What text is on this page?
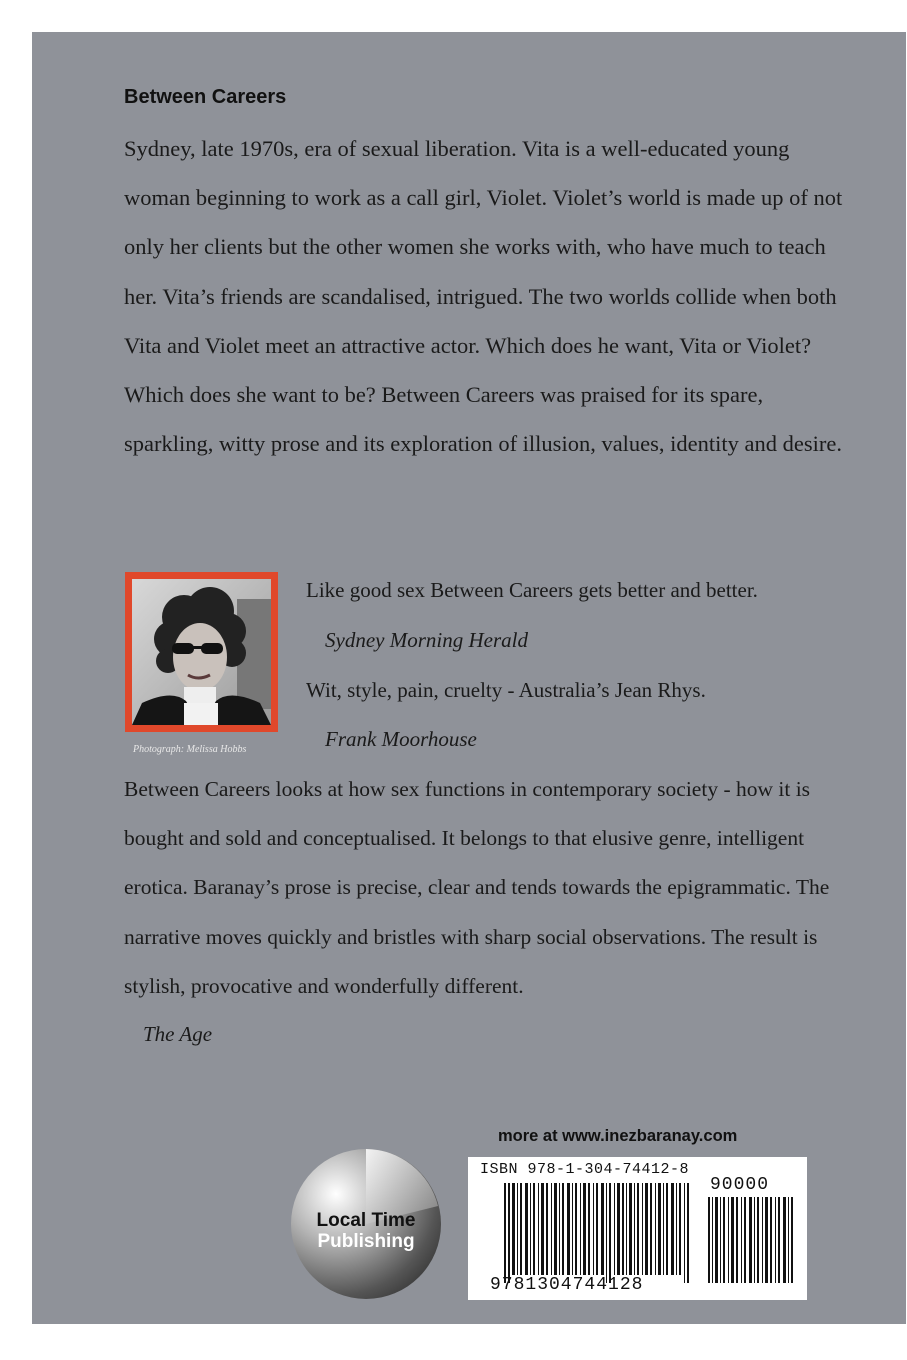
Between Careers

Sydney, late 1970s, era of sexual liberation. Vita is a well-educated young woman beginning to work as a call girl, Violet. Violet’s world is made up of not only her clients but the other women she works with, who have much to teach her. Vita’s friends are scandalised, intrigued. The two worlds collide when both Vita and Violet meet an attractive actor. Which does he want, Vita or Violet? Which does she want to be? Between Careers was praised for its spare, sparkling, witty prose and its exploration of illusion, values, identity and desire.

Photograph: Melissa Hobbs
Like good sex Between Careers gets better and better.
Sydney Morning Herald
Wit, style, pain, cruelty - Australia’s Jean Rhys.
Frank Moorhouse

Between Careers looks at how sex functions in contemporary society - how it is bought and sold and conceptualised. It belongs to that elusive genre, intelligent erotica. Baranay’s prose is precise, clear and tends towards the epigrammatic. The narrative moves quickly and bristles with sharp social observations. The result is stylish, provocative and wonderfully different.

The Age
more at www.inezbaranay.com
Local Time
Publishing
ISBN 978-1-304-74412-8
90000
9781304744128
